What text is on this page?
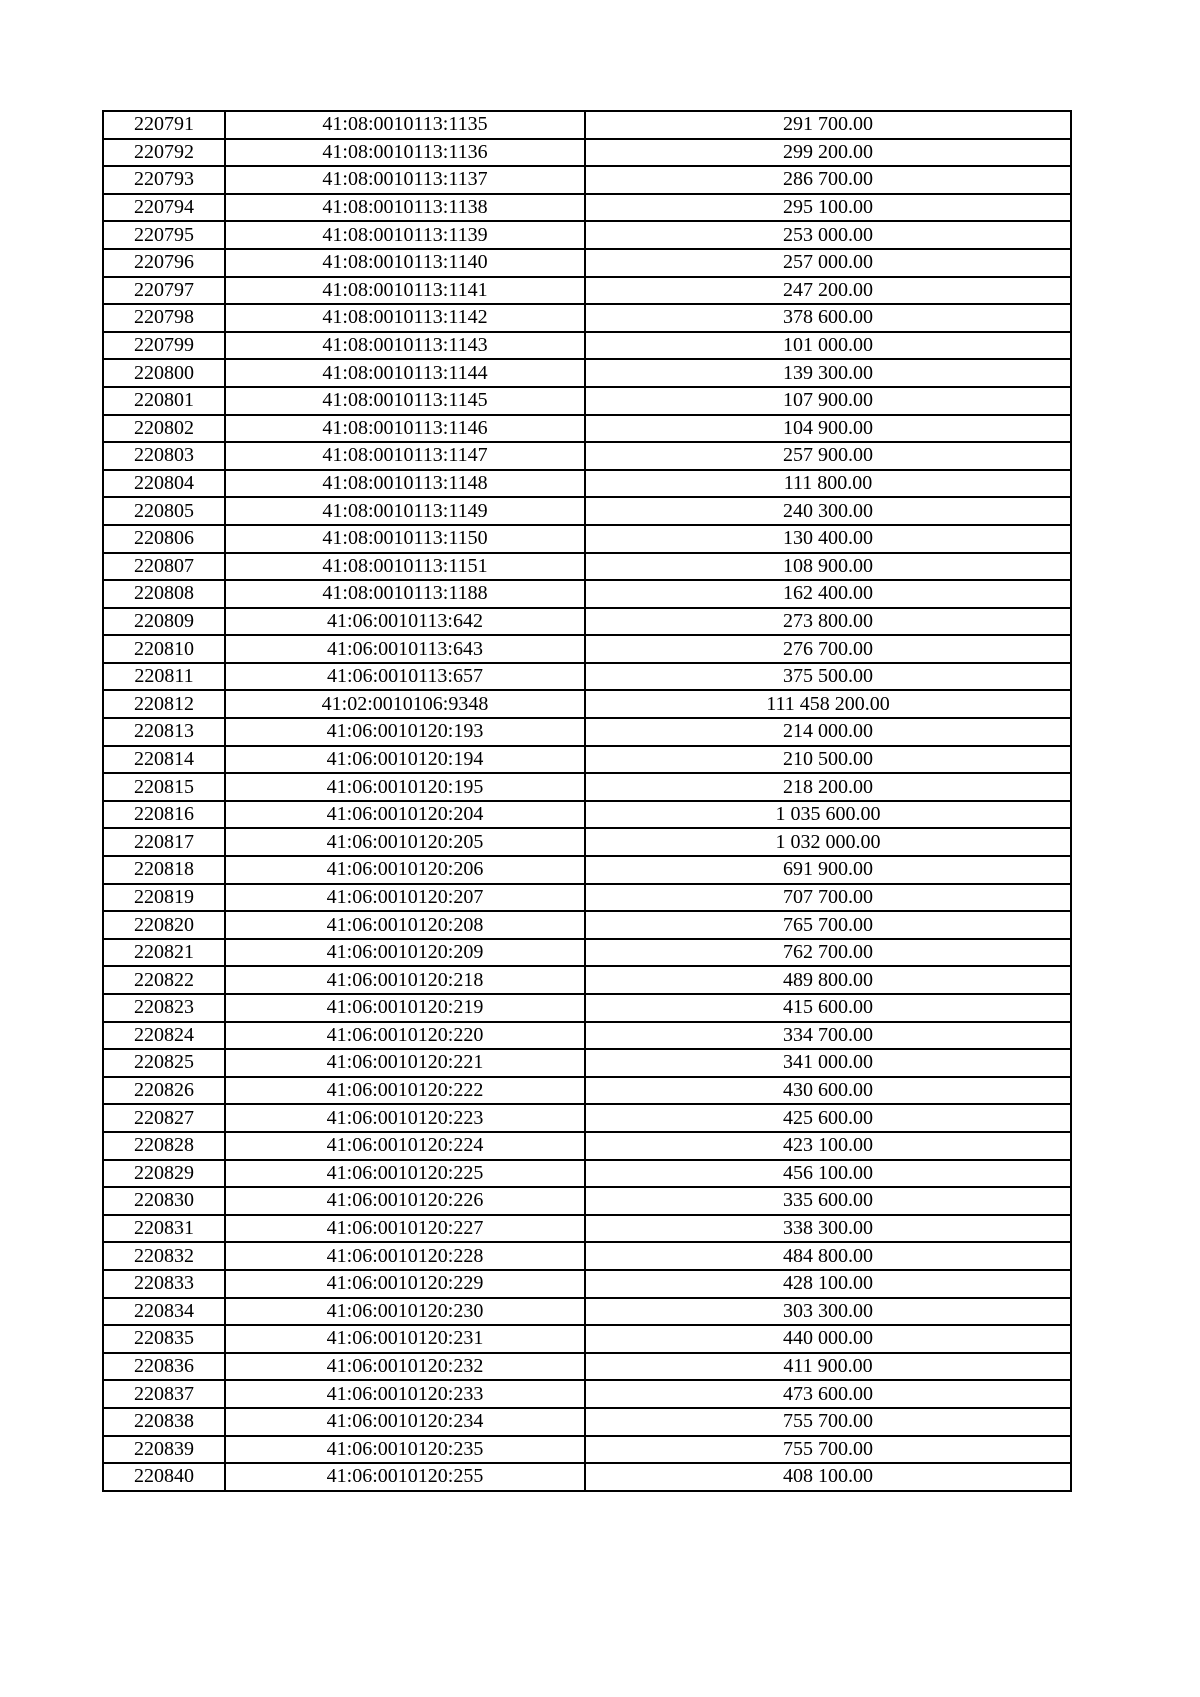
220791	41:08:0010113:1135	291 700.00
220792	41:08:0010113:1136	299 200.00
220793	41:08:0010113:1137	286 700.00
220794	41:08:0010113:1138	295 100.00
220795	41:08:0010113:1139	253 000.00
220796	41:08:0010113:1140	257 000.00
220797	41:08:0010113:1141	247 200.00
220798	41:08:0010113:1142	378 600.00
220799	41:08:0010113:1143	101 000.00
220800	41:08:0010113:1144	139 300.00
220801	41:08:0010113:1145	107 900.00
220802	41:08:0010113:1146	104 900.00
220803	41:08:0010113:1147	257 900.00
220804	41:08:0010113:1148	111 800.00
220805	41:08:0010113:1149	240 300.00
220806	41:08:0010113:1150	130 400.00
220807	41:08:0010113:1151	108 900.00
220808	41:08:0010113:1188	162 400.00
220809	41:06:0010113:642	273 800.00
220810	41:06:0010113:643	276 700.00
220811	41:06:0010113:657	375 500.00
220812	41:02:0010106:9348	111 458 200.00
220813	41:06:0010120:193	214 000.00
220814	41:06:0010120:194	210 500.00
220815	41:06:0010120:195	218 200.00
220816	41:06:0010120:204	1 035 600.00
220817	41:06:0010120:205	1 032 000.00
220818	41:06:0010120:206	691 900.00
220819	41:06:0010120:207	707 700.00
220820	41:06:0010120:208	765 700.00
220821	41:06:0010120:209	762 700.00
220822	41:06:0010120:218	489 800.00
220823	41:06:0010120:219	415 600.00
220824	41:06:0010120:220	334 700.00
220825	41:06:0010120:221	341 000.00
220826	41:06:0010120:222	430 600.00
220827	41:06:0010120:223	425 600.00
220828	41:06:0010120:224	423 100.00
220829	41:06:0010120:225	456 100.00
220830	41:06:0010120:226	335 600.00
220831	41:06:0010120:227	338 300.00
220832	41:06:0010120:228	484 800.00
220833	41:06:0010120:229	428 100.00
220834	41:06:0010120:230	303 300.00
220835	41:06:0010120:231	440 000.00
220836	41:06:0010120:232	411 900.00
220837	41:06:0010120:233	473 600.00
220838	41:06:0010120:234	755 700.00
220839	41:06:0010120:235	755 700.00
220840	41:06:0010120:255	408 100.00
